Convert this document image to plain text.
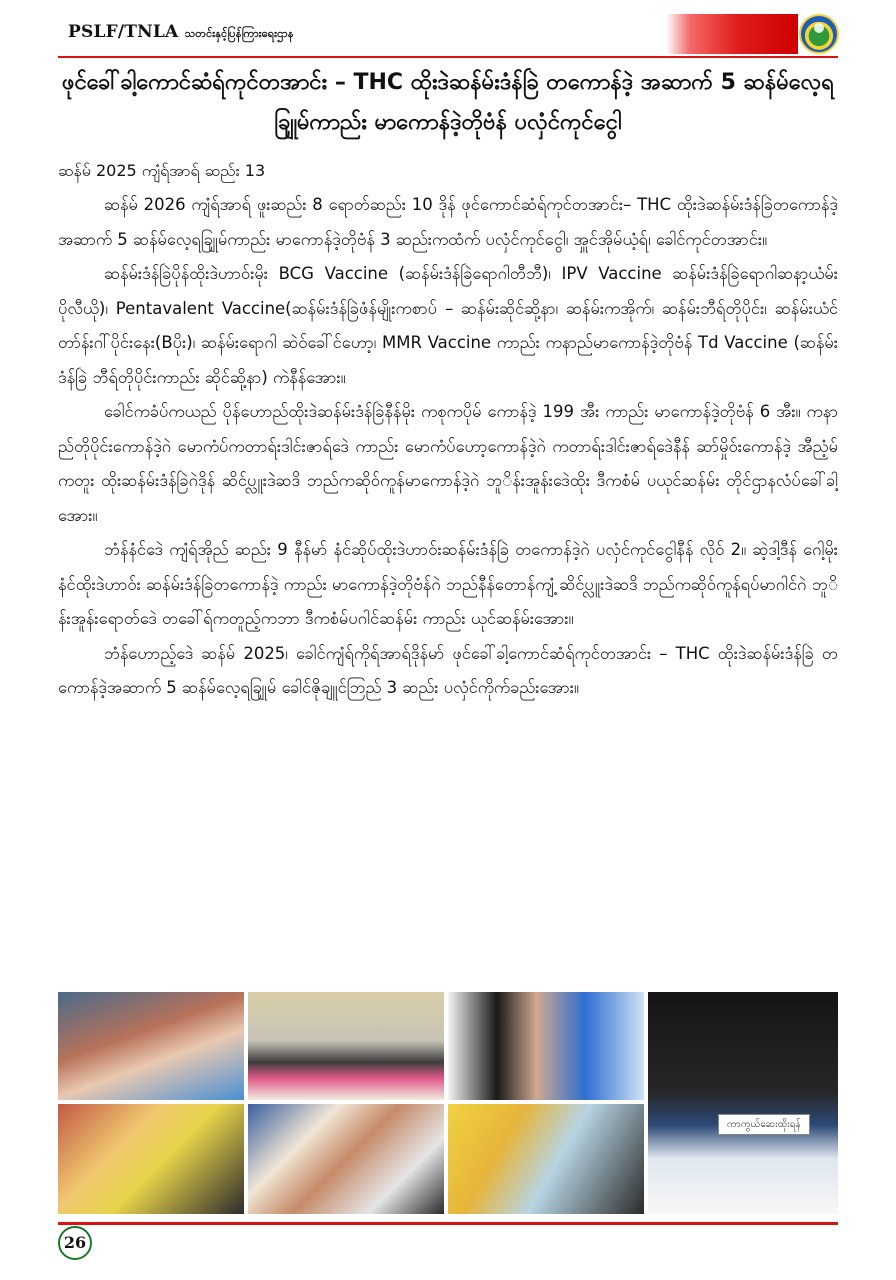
PSLF/TNLA သတင်းနှင့်ပြန်ကြားရေးဌာန
ဖုင်ခေါ်ခါ့ကောင်ဆံရ်ကုင်တအာင်း – THC ထိုးဒဲဲဆန်မ်းဒံန်ခြဲ တကောန်ဒဲ့ အဆာက် 5 ဆန်မ်လေ့ရချြုမ်ကာည်း မာကောန်ဒဲ့တိုဗံန် ပလှံင်ကုင်ငွေါ
ဆန်မ် 2025 ကျံရ်အာရ် ဆည်း 13

ဆန်မ် 2026 ကျံရ်အာရ် ဖူးဆည်း 8 ရောတ်ဆည်း 10 ဒိုန် ဖုင်ကောင်ဆံရ်ကုင်တအာင်း– THC ထိုးဒဲဲဆန်မ်းဒံန်ခြဲတကောန်ဒဲ့ အဆာက် 5 ဆန်မ်လေ့ရချြုမ်ကာည်း မာကောန်ဒဲ့တိုဗံန် 3 ဆည်းကထံက် ပလှံင်ကုင်ငွေါ၊ အှူင်အိုမ်ယံ့ရ်၊ ခေါင်ကုင်တအာင်း။

ဆန်မ်းဒံန်ခြဲပိုန်ထိုးဒဲဲဟာဝ်းမိုး BCG Vaccine (ဆန်မ်းဒံန်ခြဲရောဂါတီဘီ)၊ IPV Vaccine ဆန်မ်းဒံန်ခြဲရောဂါဆနာ့ယံမ်း ပိုလီယို)၊ Pentavalent Vaccine(ဆန်မ်းဒံန်ခြဲဖံန်မျိုးကစာပ် – ဆန်မ်းဆိုင်ဆို့နာ၊ ဆန်မ်းကအိုက်၊ ဆန်မ်းဘီရ်တိုပိုင်း၊ ဆန်မ်းယံင်တာ်န်းဂါ်ပိုင်းနေး(Bပိုး)၊ ဆန်မ်းရောဂါ ဆဲဝ်ခေါ်င်ဟော့၊ MMR Vaccine ကာည်း ကနာည်မာကောန်ဒဲ့တိုဗံန် Td Vaccine (ဆန်မ်းဒံန်ခြဲ ဘီရ်တိုပိုင်းကာည်း ဆိုင်ဆို့နာ) ကဲနီန်အေား။

ခေါင်ကခံပ်ကယည် ပိုန်ဟောည်ထိုးဒဲဲဆန်မ်းဒံန်ခြဲနီန်မိုး ကစုကပိုမ် ကောန်ဒဲ့ 199 အီး ကာည်း မာကောန်ဒဲ့တိုဗံန် 6 အီး။ ကနာည်တိုပိုင်းကောန်ဒဲ့ဂဲ မောကံပ်ကတာရ်းဒါင်းဇာရ်ဒေဲ ကာည်း မောကံပ်ဟော့ကောန်ဒဲ့ဂဲ ကတာရ်းဒါင်းဇာရ်ဒေဲနီန် ဆာ်မှိုဝ်းကောန်ဒဲ့ အီညံ့မ်ကတူး ထိုးဆန်မ်းဒံန်ခြဲဂဲဒိုန် ဆိင်ပ္လူးဒဲဲဆဒိ ဘည်ကဆိုဝ်ကူန်မာကောန်ဒဲ့ဂဲ ဘူိန်းအူန်းဒေဲထိုး ဒီကစံမ် ပယုင်ဆန်မ်း တိုင်ဌာနလံပ်ခေါ်ခါ့အေား။

ဘံန်နံင်ဒေဲ ကျံရ်အိုည် ဆည်း 9 နီန်မာ် နံင်ဆိုပ်ထိုးဒဲဲဟာဝ်းဆန်မ်းဒံန်ခြဲ တကောန်ဒဲ့ဂဲ ပလှံင်ကုင်ငွေါနီန် လိုဝ် 2။ ဆဲ့ဒါ့ဒီန် ဂေါ့မိုး နံင်ထိုးဒဲဲဟာဝ်း ဆန်မ်းဒံန်ခြဲတကောန်ဒဲ့ ကာည်း မာကောန်ဒဲ့တိုဗံန်ဂဲ ဘည်နီန်တောန်ကျံ့ ဆိင်ပ္လူးဒဲဲဆဒိ ဘည်ကဆိုဝ်ကူန်ရပ်မာဂါင်ဂဲ ဘူိန်းအူန်းရောတ်ဒေဲ တခေါ်ရ်ကတူည့်ကဘာ ဒီကစံမ်ပဂါင်ဆန်မ်း ကာည်း ယုင်ဆန်မ်းအေား။

ဘံန်ဟောည့်ဒေဲ ဆန်မ် 2025၊ ခေါင်ကျံရ်ကိုရ်အာရ်ဒိုန်မာ် ဖုင်ခေါ်ခါ့ကောင်ဆံရ်ကုင်တအာင်း – THC ထိုးဒဲဲဆန်မ်းဒံန်ခြဲ တကောန်ဒဲ့အဆာက် 5 ဆန်မ်လေ့ရချြုမ် ခေါင်ဇိုချူင်ဘြည် 3 ဆည်း ပလှံင်ကိုက်ခည်းအေား။

ကာကွယ်ဆေးထိုးရန်
26
